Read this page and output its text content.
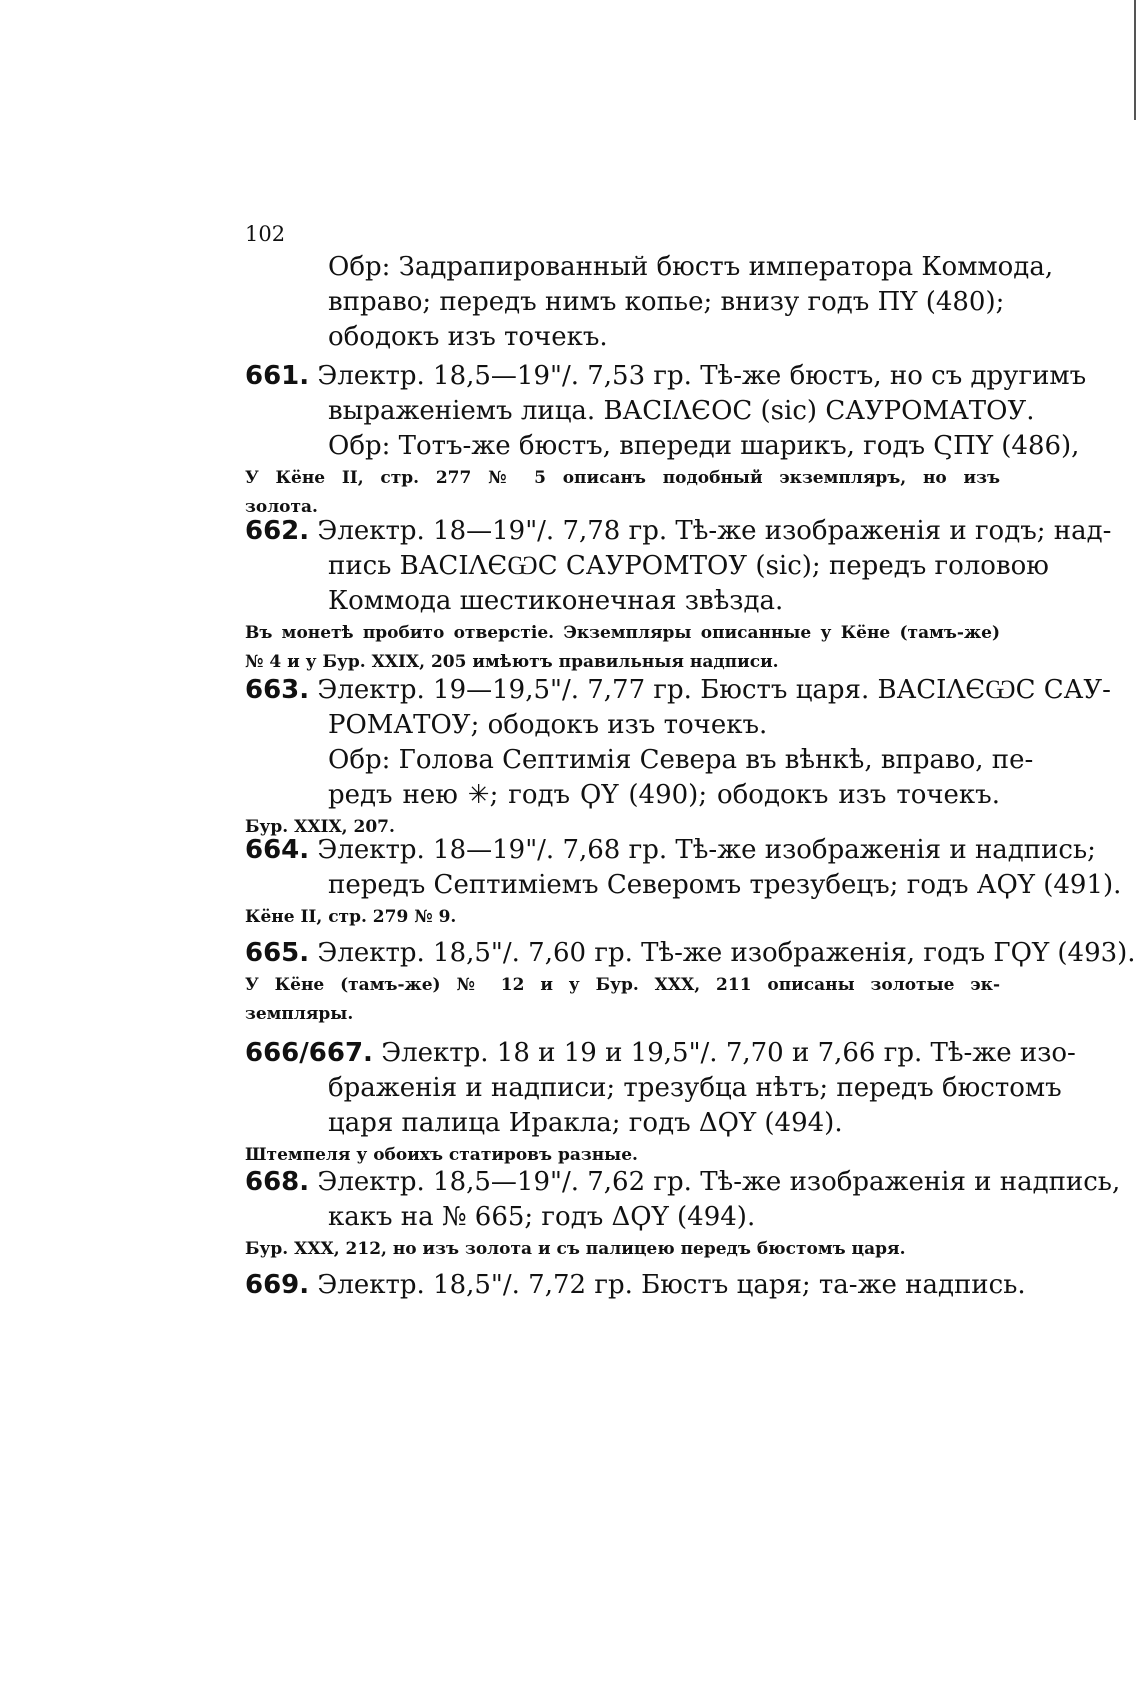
102
Обр: Задрапированный бюстъ императора Коммода,
вправо; передъ нимъ копье; внизу годъ ПY (480);
ободокъ изъ точекъ.
661. Электр. 18,5—19"/. 7,53 гр. Тѣ-же бюстъ, но съ другимъ
выраженіемъ лица. ВАСІΛЄОС (sic) САУРОМАТОУ.
Обр: Тотъ-же бюстъ, впереди шарикъ, годъ ϚПY (486),
У Кёне II, стр. 277 № 5 описанъ подобный экземпляръ, но изъ
золота.
662. Электр. 18—19"/. 7,78 гр. Тѣ-же изображенія и годъ; над-
пись ВАСІΛЄѠС САУРОМТОУ (sic); передъ головою
Коммода шестиконечная звѣзда.
Въ монетѣ пробито отверстіе. Экземпляры описанные у Кёне (тамъ-же)
№ 4 и у Бур. XXIX, 205 имѣютъ правильныя надписи.
663. Электр. 19—19,5"/. 7,77 гр. Бюстъ царя. ВАСІΛЄѠС САУ-
РОМАТОУ; ободокъ изъ точекъ.
Обр: Голова Септимія Севера въ вѣнкѣ, вправо, пе-
редъ нею ✳; годъ ϘY (490); ободокъ изъ точекъ.
Бур. XXIX, 207.
664. Электр. 18—19"/. 7,68 гр. Тѣ-же изображенія и надпись;
передъ Септиміемъ Северомъ трезубецъ; годъ АϘY (491).
Кёне II, стр. 279 № 9.
665. Электр. 18,5"/. 7,60 гр. Тѣ-же изображенія, годъ ГϘY (493).
У Кёне (тамъ-же) № 12 и у Бур. XXX, 211 описаны золотые эк-
земпляры.
666/667. Электр. 18 и 19 и 19,5"/. 7,70 и 7,66 гр. Тѣ-же изо-
браженія и надписи; трезубца нѣтъ; передъ бюстомъ
царя палица Иракла; годъ ΔϘY (494).
Штемпеля у обоихъ статировъ разные.
668. Электр. 18,5—19"/. 7,62 гр. Тѣ-же изображенія и надпись,
какъ на № 665; годъ ΔϘY (494).
Бур. XXX, 212, но изъ золота и съ палицею передъ бюстомъ царя.
669. Электр. 18,5"/. 7,72 гр. Бюстъ царя; та-же надпись.
